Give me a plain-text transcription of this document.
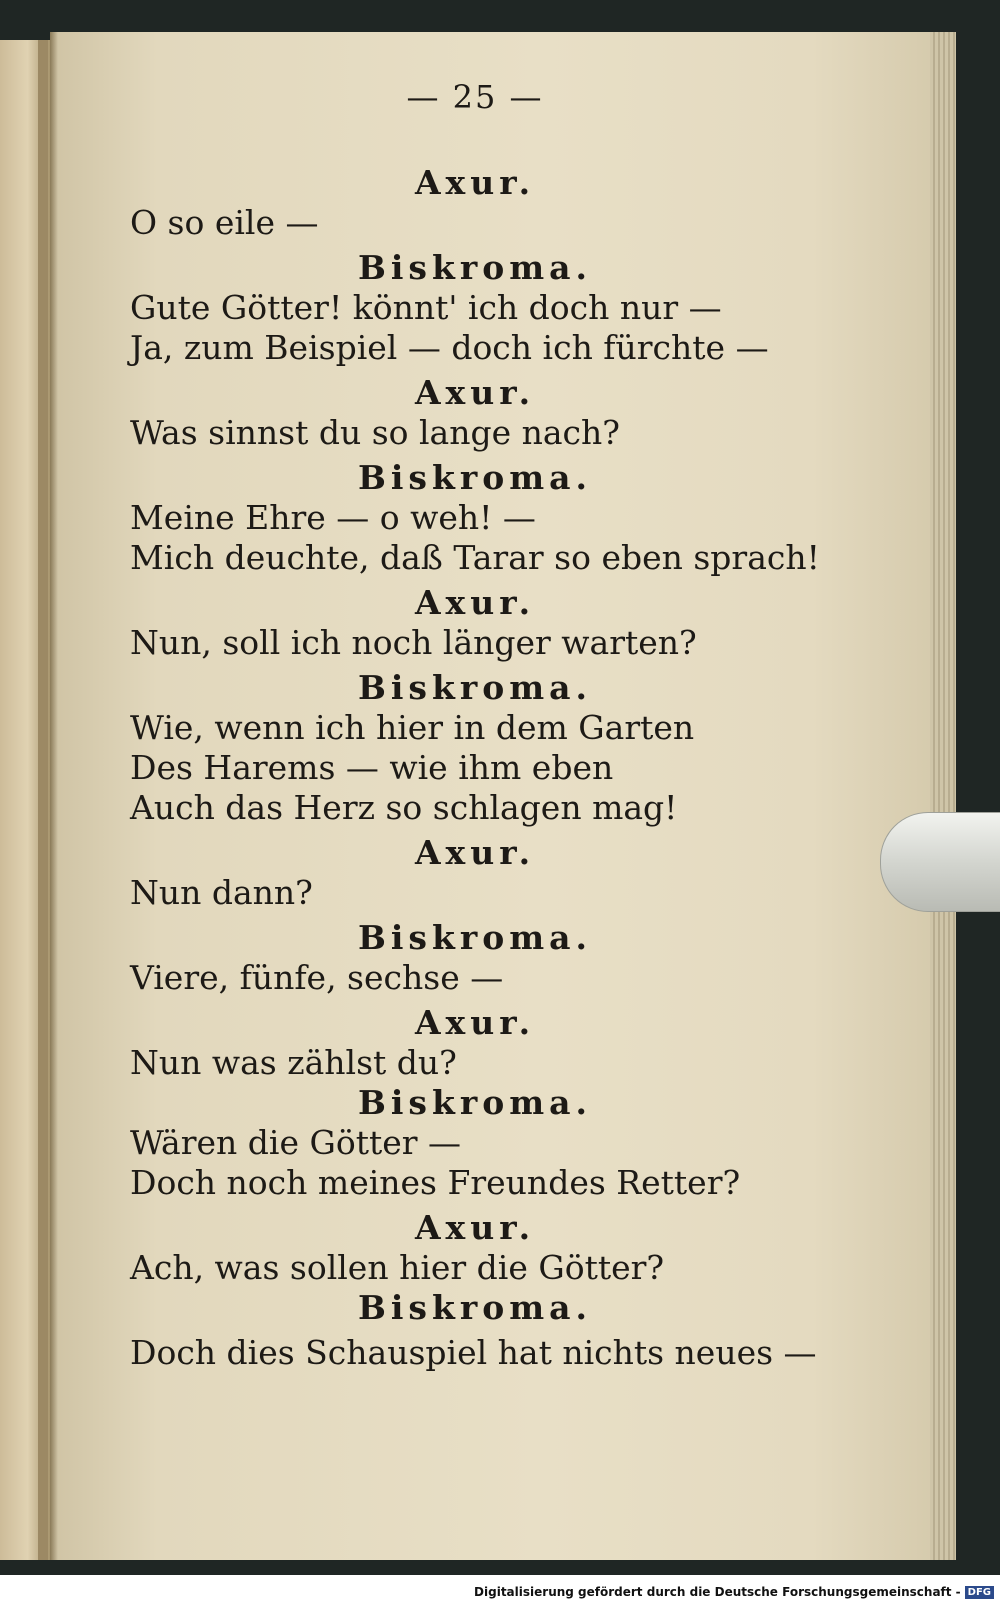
— 25 —
Axur.
O so eile —
Biskroma.
Gute Götter! könnt' ich doch nur —
Ja, zum Beispiel — doch ich fürchte —
Axur.
Was sinnst du so lange nach?
Biskroma.
Meine Ehre — o weh! —
Mich deuchte, daß Tarar so eben sprach!
Axur.
Nun, soll ich noch länger warten?
Biskroma.
Wie, wenn ich hier in dem Garten
Des Harems — wie ihm eben
Auch das Herz so schlagen mag!
Axur.
Nun dann?
Biskroma.
Viere, fünfe, sechse —
Axur.
Nun was zählst du?
Biskroma.
Wären die Götter —
Doch noch meines Freundes Retter?
Axur.
Ach, was sollen hier die Götter?
Biskroma.
Doch dies Schauspiel hat nichts neues —
Digitalisierung gefördert durch die Deutsche Forschungsgemeinschaft - DFG
